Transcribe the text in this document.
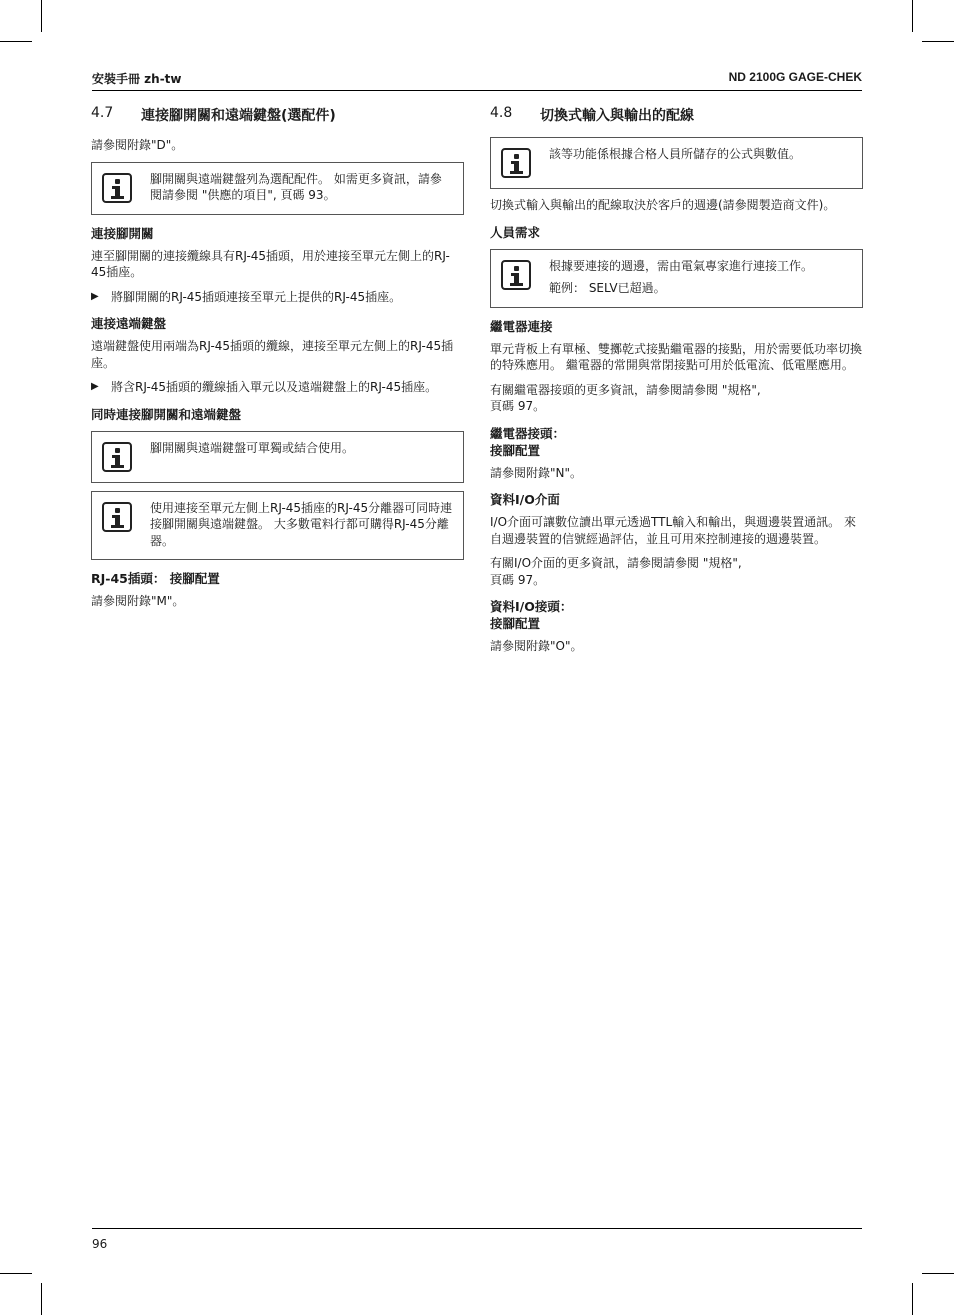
安裝手冊 zh-tw	ND 2100G GAGE-CHEK
4.7	連接腳開關和遠端鍵盤(選配件)

請參閱附錄"D"。

腳開關與遠端鍵盤列為選配配件。 如需更多資訊，請參閱請參閱 "供應的項目", 頁碼 93。

連接腳開關

連至腳開關的連接纜線具有RJ-45插頭，用於連接至單元左側上的RJ-45插座。

▶	將腳開關的RJ-45插頭連接至單元上提供的RJ-45插座。
連接遠端鍵盤

遠端鍵盤使用兩端為RJ-45插頭的纜線，連接至單元左側上的RJ-45插座。

▶	將含RJ-45插頭的纜線插入單元以及遠端鍵盤上的RJ-45插座。
同時連接腳開關和遠端鍵盤

腳開關與遠端鍵盤可單獨或結合使用。

使用連接至單元左側上RJ-45插座的RJ-45分離器可同時連接腳開關與遠端鍵盤。 大多數電料行都可購得RJ-45分離器。

RJ-45插頭： 接腳配置

請參閱附錄"M"。

4.8	切換式輸入與輸出的配線

該等功能係根據合格人員所儲存的公式與數值。

切換式輸入與輸出的配線取決於客戶的週邊(請參閱製造商文件)。

人員需求

根據要連接的週邊，需由電氣專家進行連接工作。

範例： SELV已超過。

繼電器連接

單元背板上有單極、雙擲乾式接點繼電器的接點，用於需要低功率切換的特殊應用。 繼電器的常開與常閉接點可用於低電流、低電壓應用。

有關繼電器接頭的更多資訊，請參閱請參閱 "規格",
頁碼 97。

繼電器接頭：
接腳配置

請參閱附錄"N"。

資料I/O介面

I/O介面可讓數位讀出單元透過TTL輸入和輸出，與週邊裝置通訊。 來自週邊裝置的信號經過評估，並且可用來控制連接的週邊裝置。

有關I/O介面的更多資訊，請參閱請參閱 "規格",
頁碼 97。

資料I/O接頭：
接腳配置

請參閱附錄"O"。

96
